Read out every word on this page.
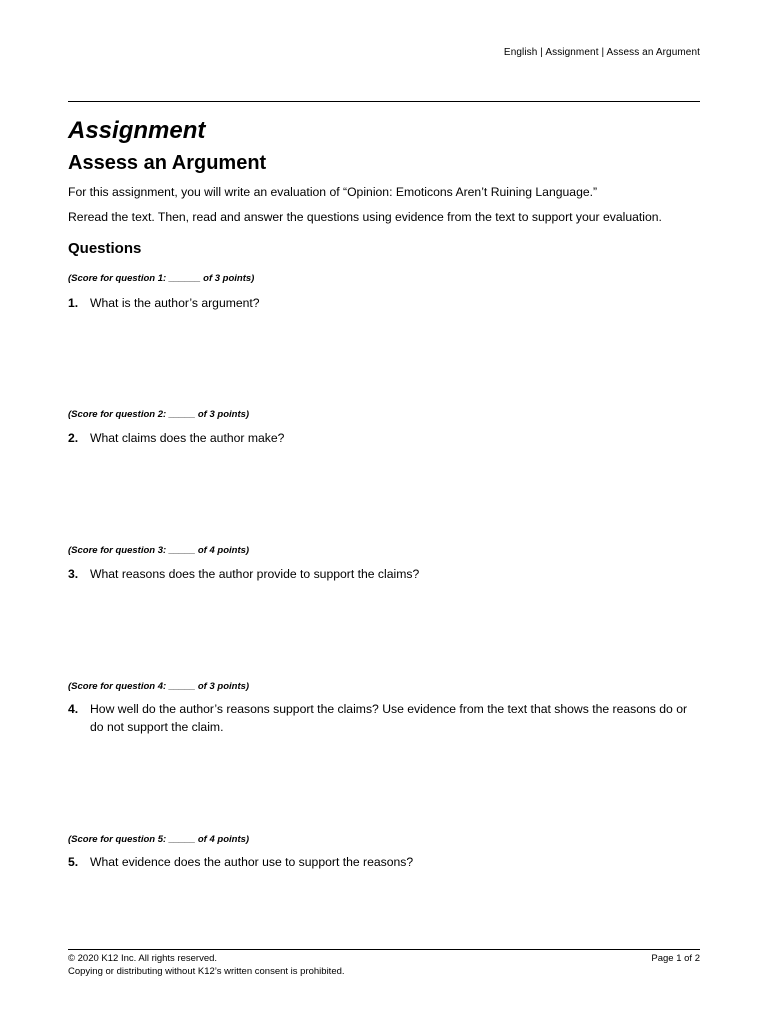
English | Assignment | Assess an Argument
Assignment
Assess an Argument

For this assignment, you will write an evaluation of “Opinion: Emoticons Aren’t Ruining Language.”

Reread the text. Then, read and answer the questions using evidence from the text to support your evaluation.

Questions
(Score for question 1: ______ of 3 points)
1. What is the author’s argument?
(Score for question 2: _____ of 3 points)
2. What claims does the author make?
(Score for question 3: _____ of 4 points)
3. What reasons does the author provide to support the claims?
(Score for question 4: _____ of 3 points)
4. How well do the author’s reasons support the claims? Use evidence from the text that shows the reasons do or do not support the claim.
(Score for question 5: _____ of 4 points)
5. What evidence does the author use to support the reasons?
© 2020 K12 Inc. All rights reserved.
Copying or distributing without K12’s written consent is prohibited.
Page 1 of 2
